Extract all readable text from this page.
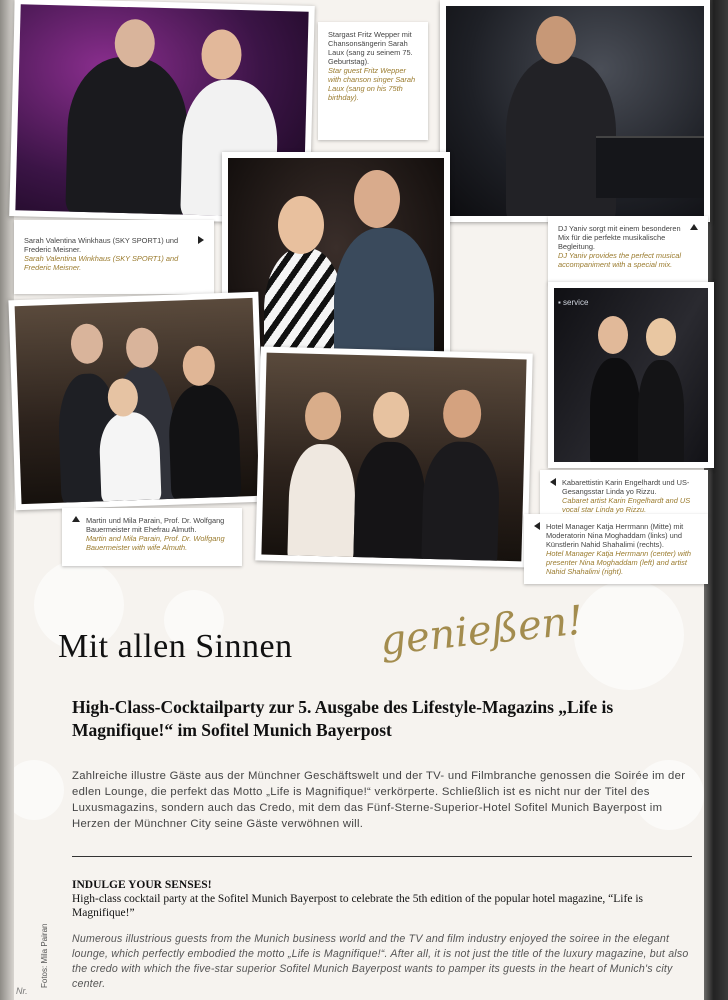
Stargast Fritz Wepper mit Chansonsängerin Sarah Laux (sang zu seinem 75. Geburtstag).
Star guest Fritz Wepper with chanson singer Sarah Laux (sang on his 75th birthday).
Sarah Valentina Winkhaus (SKY SPORT1) und Frederic Meisner.
Sarah Valentina Winkhaus (SKY SPORT1) and Frederic Meisner.
DJ Yaniv sorgt mit einem besonderen Mix für die perfekte musikalische Begleitung.
DJ Yaniv provides the perfect musical accompaniment with a special mix.
▪ service
Martin und Mila Parain, Prof. Dr. Wolfgang Bauermeister mit Ehefrau Almuth.
Martin and Mila Parain, Prof. Dr. Wolfgang Bauermeister with wife Almuth.
Kabarettistin Karin Engelhardt und US-Gesangsstar Linda yo Rizzu.
Cabaret artist Karin Engelhardt and US vocal star Linda yo Rizzu.
Hotel Manager Katja Herrmann (Mitte) mit Moderatorin Nina Moghaddam (links) und Künstlerin Nahid Shahalimi (rechts).
Hotel Manager Katja Herrmann (center) with presenter Nina Moghaddam (left) and artist Nahid Shahalimi (right).
Mit allen Sinnen genießen!
High-Class-Cocktailparty zur 5. Ausgabe des Lifestyle-Magazins „Life is Magnifique!“ im Sofitel Munich Bayerpost
Zahlreiche illustre Gäste aus der Münchner Geschäftswelt und der TV- und Filmbranche genossen die Soirée im der edlen Lounge, die perfekt das Motto „Life is Magnifique!“ verkörperte. Schließlich ist es nicht nur der Titel des Luxusmagazins, sondern auch das Credo, mit dem das Fünf-Sterne-Superior-Hotel Sofitel Munich Bayerpost im Herzen der Münchner City seine Gäste verwöhnen will.
INDULGE YOUR SENSES!
High-class cocktail party at the Sofitel Munich Bayerpost to celebrate the 5th edition of the popular hotel magazine, “Life is Magnifique!”
Numerous illustrious guests from the Munich business world and the TV and film industry enjoyed the soiree in the elegant lounge, which perfectly embodied the motto „Life is Magnifique!“. After all, it is not just the title of the luxury magazine, but also the credo with which the five-star superior Sofitel Munich Bayerpost wants to pamper its guests in the heart of Munich's city center.
Fotos: Mila Pairan
Nr.
